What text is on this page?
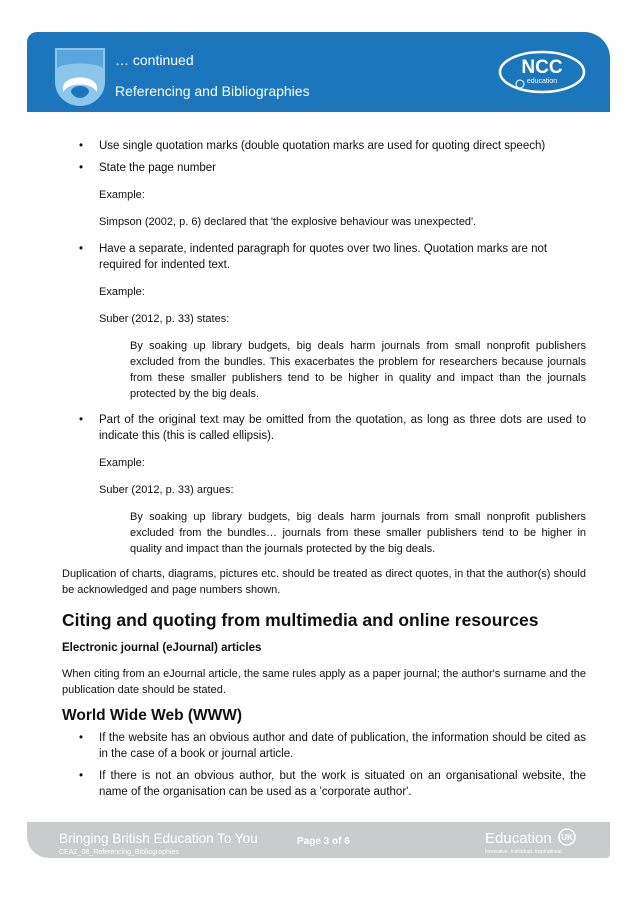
… continued
Referencing and Bibliographies
NCC
education
• Use single quotation marks (double quotation marks are used for quoting direct speech)
• State the page number
Example:
Simpson (2002, p. 6) declared that 'the explosive behaviour was unexpected'.
• Have a separate, indented paragraph for quotes over two lines. Quotation marks are not required for indented text.
Example:
Suber (2012, p. 33) states:
By soaking up library budgets, big deals harm journals from small nonprofit publishers excluded from the bundles. This exacerbates the problem for researchers because journals from these smaller publishers tend to be higher in quality and impact than the journals protected by the big deals.
• Part of the original text may be omitted from the quotation, as long as three dots are used to indicate this (this is called ellipsis).
Example:
Suber (2012, p. 33) argues:
By soaking up library budgets, big deals harm journals from small nonprofit publishers excluded from the bundles… journals from these smaller publishers tend to be higher in quality and impact than the journals protected by the big deals.
Duplication of charts, diagrams, pictures etc. should be treated as direct quotes, in that the author(s) should be acknowledged and page numbers shown.
Citing and quoting from multimedia and online resources
Electronic journal (eJournal) articles
When citing from an eJournal article, the same rules apply as a paper journal; the author's surname and the publication date should be stated.
World Wide Web (WWW)
• If the website has an obvious author and date of publication, the information should be cited as in the case of a book or journal article.
• If there is not an obvious author, but the work is situated on an organisational website, the name of the organisation can be used as a 'corporate author'.
Bringing British Education To You
CEAZ_08_Referencing_Bibliographies
Page 3 of 6	Education UK
Innovative. Individual. Inspirational.
